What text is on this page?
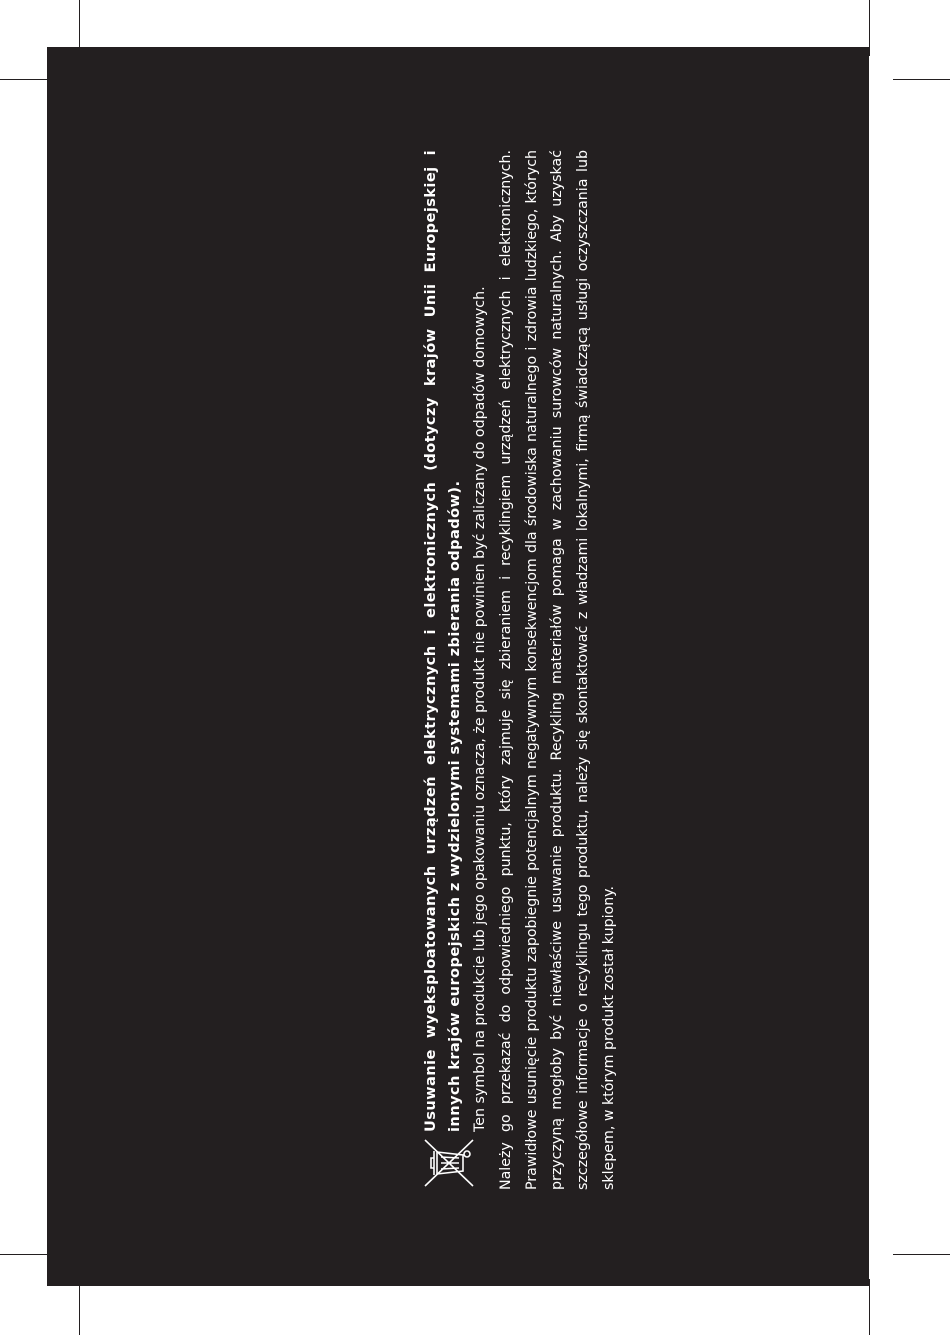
Usuwanie wyeksploatowanych urządzeń elektrycznych i elektronicznych (dotyczy krajów Unii Europejskiej i innych krajów europejskich z wydzielonymi systemami zbierania odpadów). Ten symbol na produkcie lub jego opakowaniu oznacza, że produkt nie powinien być zaliczany do odpadów domowych. Należy go przekazać do odpowiedniego punktu, który zajmuje się zbieraniem i recyklingiem urządzeń elektrycznych i elektronicznych. Prawidłowe usunięcie produktu zapobiegnie potencjalnym negatywnym konsekwencjom dla środowiska naturalnego i zdrowia ludzkiego, których przyczyną mogłoby być niewłaściwe usuwanie produktu. Recykling materiałów pomaga w zachowaniu surowców naturalnych. Aby uzyskać szczegółowe informacje o recyklingu tego produktu, należy się skontaktować z władzami lokalnymi, firmą świadczącą usługi oczyszczania lub sklepem, w którym produkt został kupiony.
